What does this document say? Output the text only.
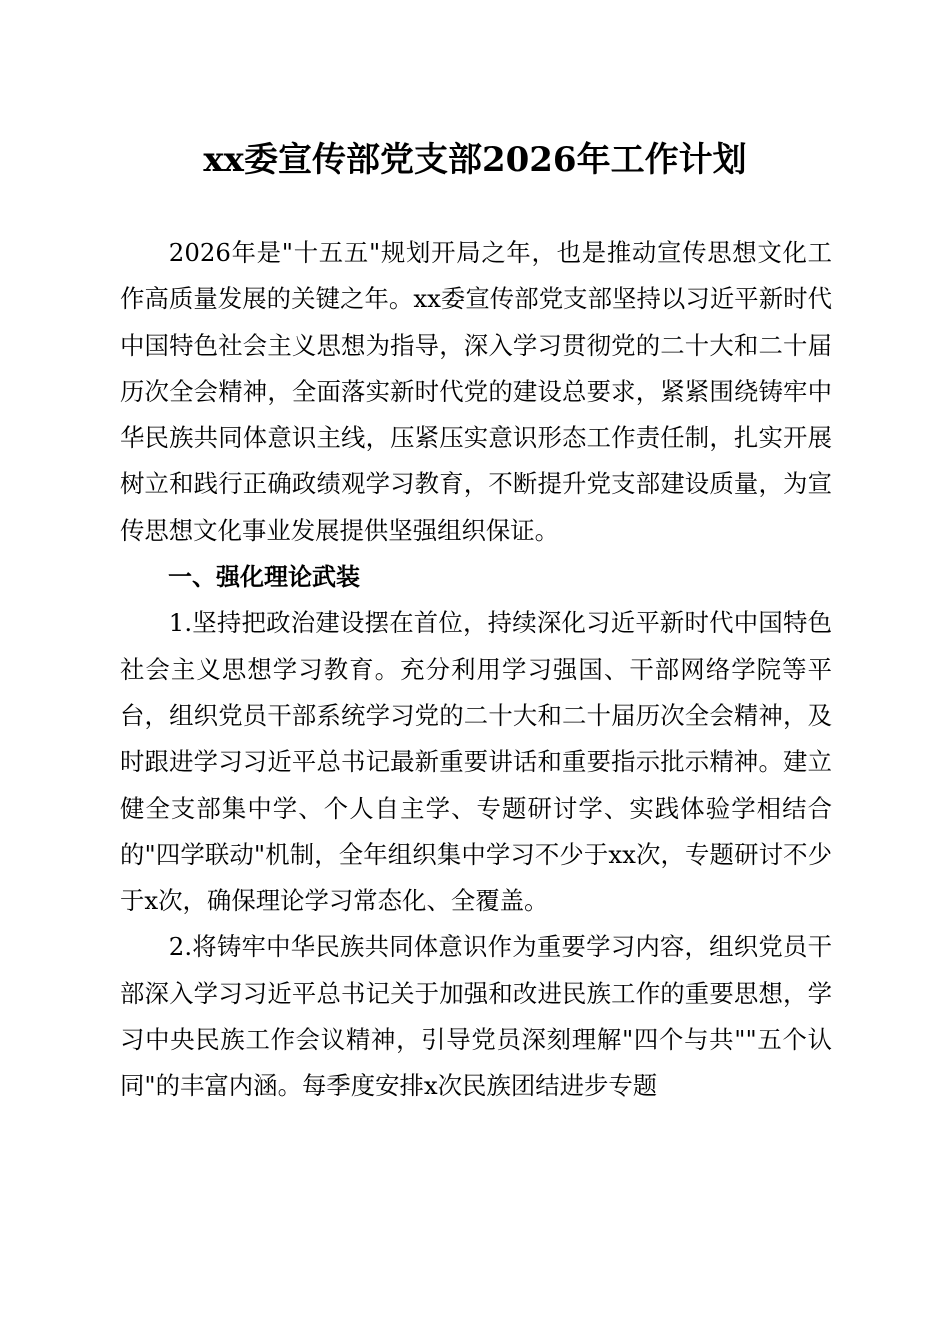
xx委宣传部党支部2026年工作计划

2026年是"十五五"规划开局之年，也是推动宣传思想文化工作高质量发展的关键之年。xx委宣传部党支部坚持以习近平新时代中国特色社会主义思想为指导，深入学习贯彻党的二十大和二十届历次全会精神，全面落实新时代党的建设总要求，紧紧围绕铸牢中华民族共同体意识主线，压紧压实意识形态工作责任制，扎实开展树立和践行正确政绩观学习教育，不断提升党支部建设质量，为宣传思想文化事业发展提供坚强组织保证。

一、强化理论武装

1.坚持把政治建设摆在首位，持续深化习近平新时代中国特色社会主义思想学习教育。充分利用学习强国、干部网络学院等平台，组织党员干部系统学习党的二十大和二十届历次全会精神，及时跟进学习习近平总书记最新重要讲话和重要指示批示精神。建立健全支部集中学、个人自主学、专题研讨学、实践体验学相结合的"四学联动"机制，全年组织集中学习不少于xx次，专题研讨不少于x次，确保理论学习常态化、全覆盖。

2.将铸牢中华民族共同体意识作为重要学习内容，组织党员干部深入学习习近平总书记关于加强和改进民族工作的重要思想，学习中央民族工作会议精神，引导党员深刻理解"四个与共""五个认同"的丰富内涵。每季度安排x次民族团结进步专题
